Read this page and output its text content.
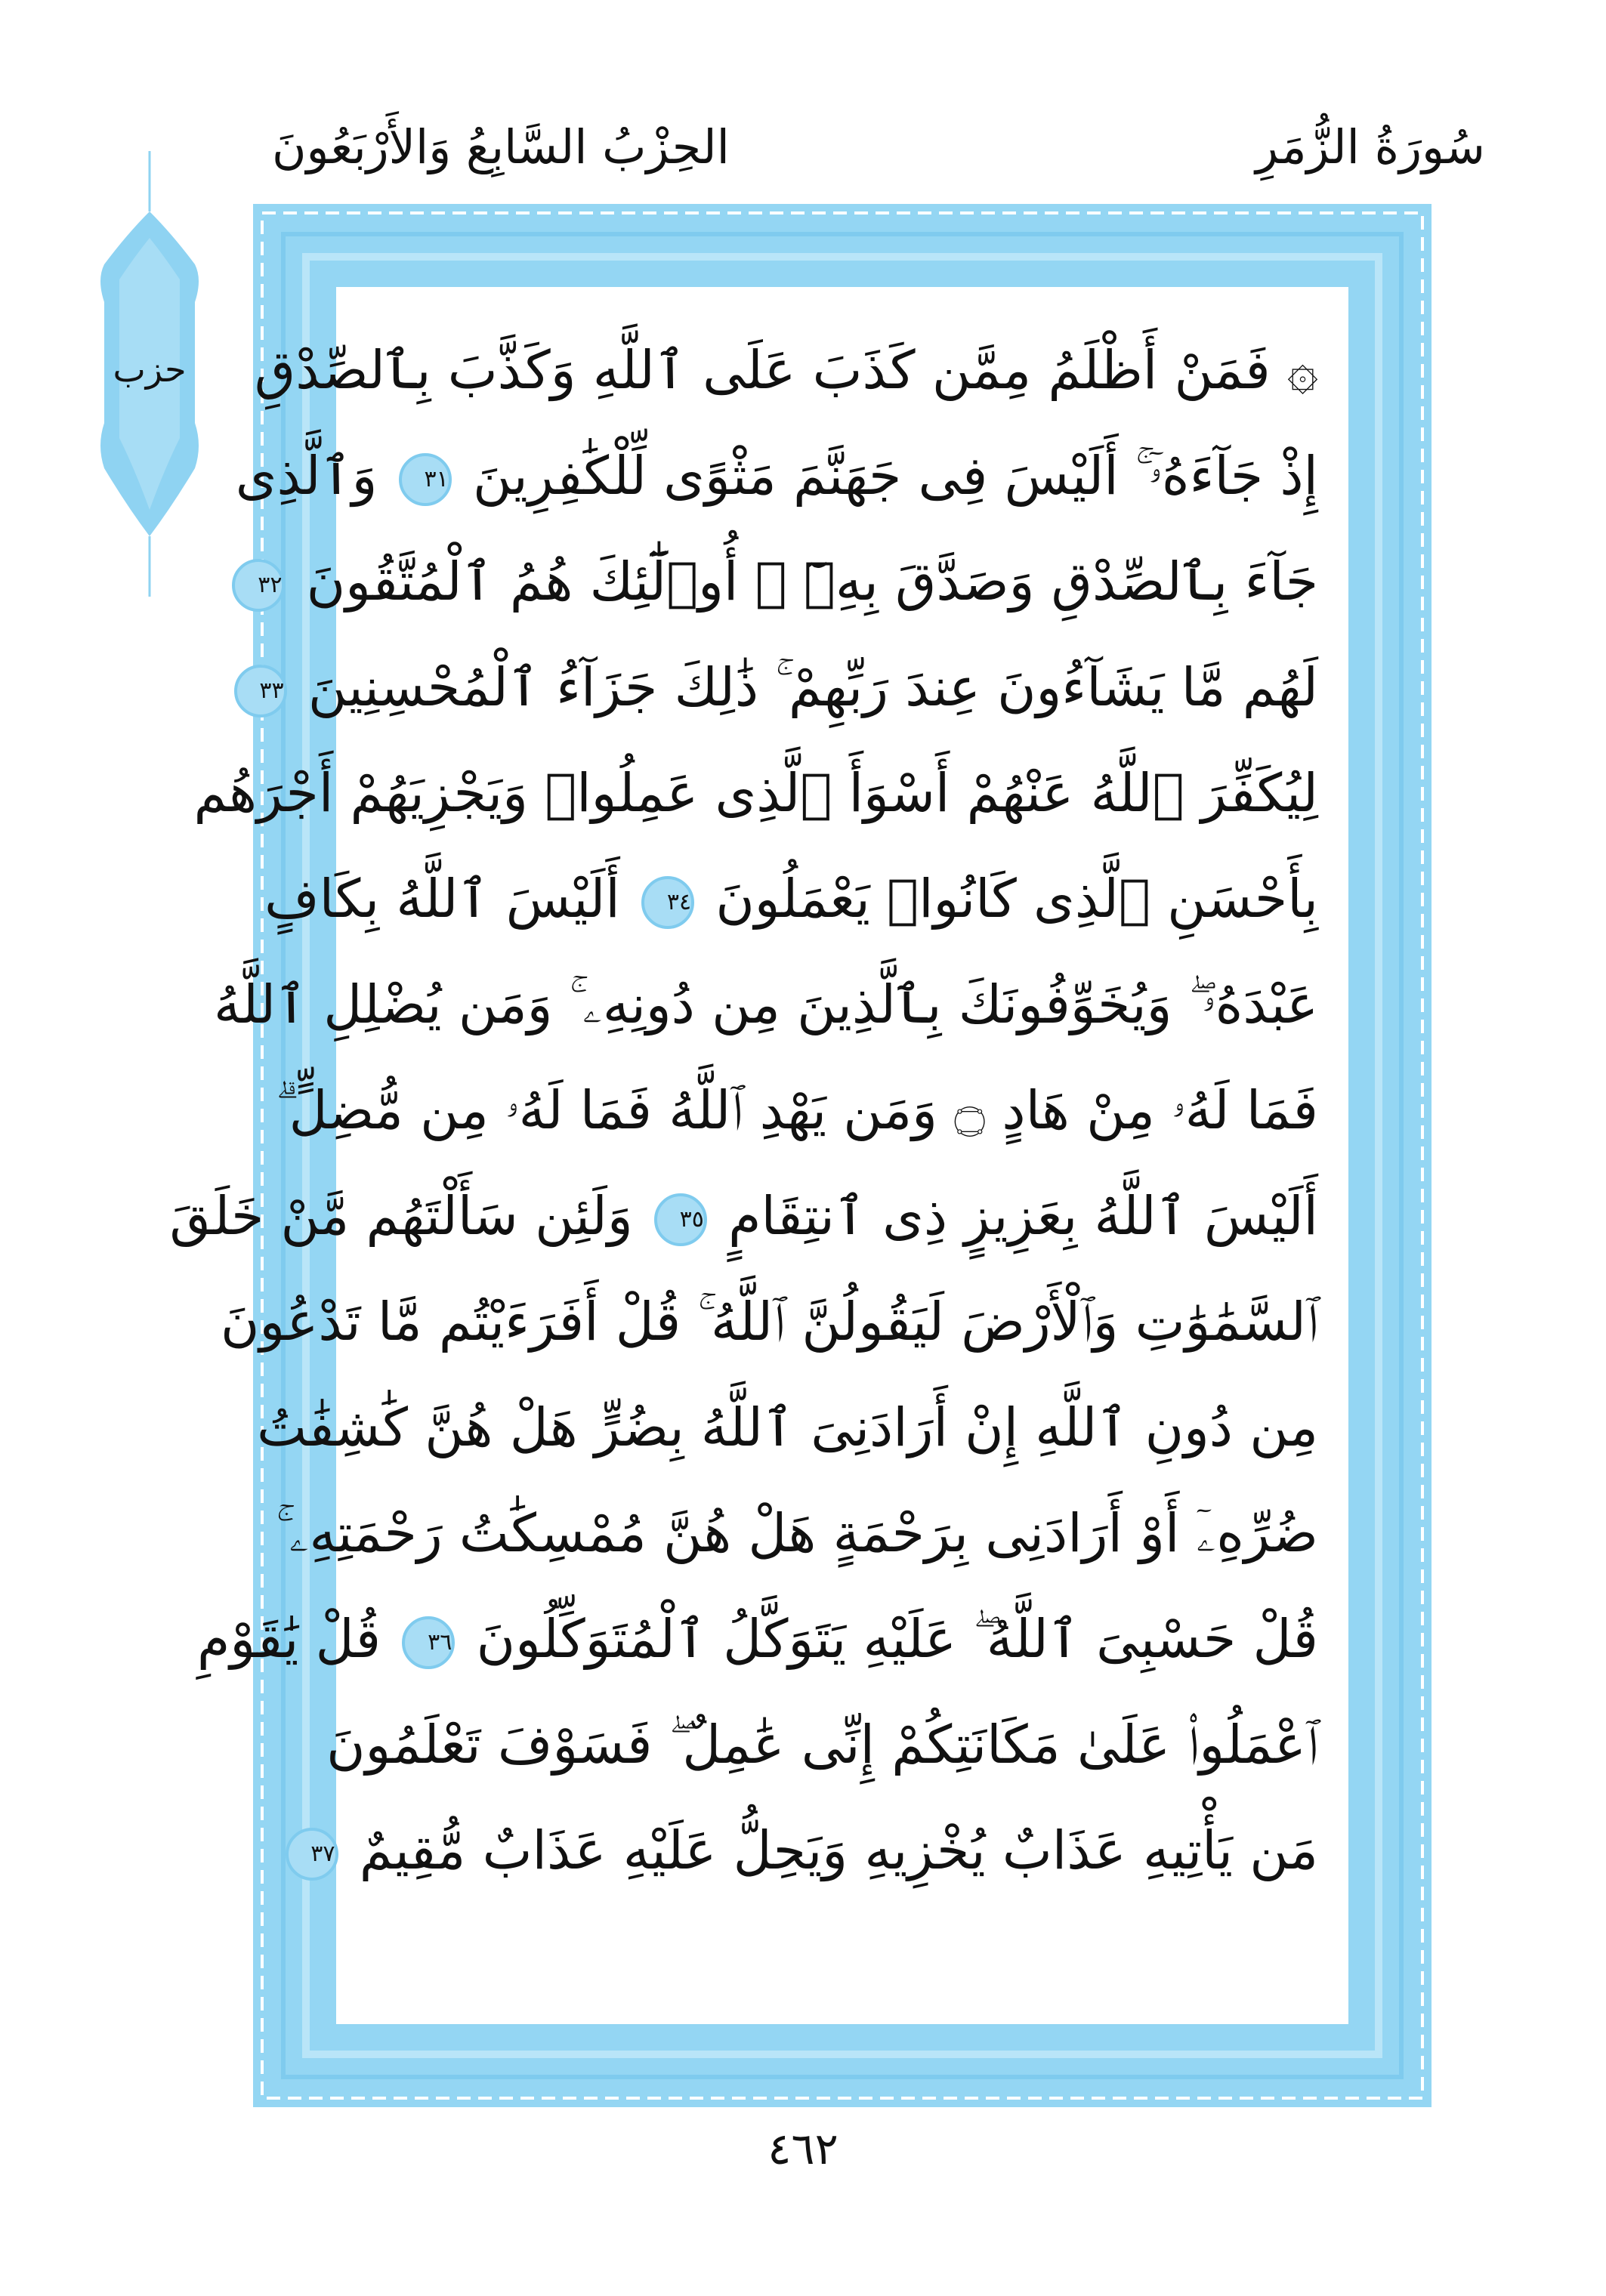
سُورَةُ الزُّمَرِ
الحِزْبُ السَّابِعُ وَالأَرْبَعُونَ
حزب	۞ فَمَنْ أَظْلَمُ مِمَّن كَذَبَ عَلَى ٱللَّهِ وَكَذَّبَ بِٱلصِّدْقِ
إِذْ جَآءَهُۥٓ ۚ أَلَيْسَ فِى جَهَنَّمَ مَثْوًى لِّلْكَٰفِرِينَ ٣١ وَٱلَّذِى
جَآءَ بِٱلصِّدْقِ وَصَدَّقَ بِهِۦٓ ۙ أُو۟لَٰٓئِكَ هُمُ ٱلْمُتَّقُونَ ٣٢
لَهُم مَّا يَشَآءُونَ عِندَ رَبِّهِمْ ۚ ذَٰلِكَ جَزَآءُ ٱلْمُحْسِنِينَ ٣٣
لِيُكَفِّرَ ٱللَّهُ عَنْهُمْ أَسْوَأَ ٱلَّذِى عَمِلُوا۟ وَيَجْزِيَهُمْ أَجْرَهُم
بِأَحْسَنِ ٱلَّذِى كَانُوا۟ يَعْمَلُونَ ٣٤ أَلَيْسَ ٱللَّهُ بِكَافٍ
عَبْدَهُۥ ۖ وَيُخَوِّفُونَكَ بِٱلَّذِينَ مِن دُونِهِۦ ۚ وَمَن يُضْلِلِ ٱللَّهُ
فَمَا لَهُۥ مِنْ هَادٍ ۝ وَمَن يَهْدِ ٱللَّهُ فَمَا لَهُۥ مِن مُّضِلٍّ ۗ
أَلَيْسَ ٱللَّهُ بِعَزِيزٍ ذِى ٱنتِقَامٍ ٣٥ وَلَئِن سَأَلْتَهُم مَّنْ خَلَقَ
ٱلسَّمَٰوَٰتِ وَٱلْأَرْضَ لَيَقُولُنَّ ٱللَّهُ ۚ قُلْ أَفَرَءَيْتُم مَّا تَدْعُونَ
مِن دُونِ ٱللَّهِ إِنْ أَرَادَنِىَ ٱللَّهُ بِضُرٍّ هَلْ هُنَّ كَٰشِفَٰتُ
ضُرِّهِۦٓ أَوْ أَرَادَنِى بِرَحْمَةٍ هَلْ هُنَّ مُمْسِكَٰتُ رَحْمَتِهِۦ ۚ
قُلْ حَسْبِىَ ٱللَّهُ ۖ عَلَيْهِ يَتَوَكَّلُ ٱلْمُتَوَكِّلُونَ ٣٦ قُلْ يَٰقَوْمِ
ٱعْمَلُوا۟ عَلَىٰ مَكَانَتِكُمْ إِنِّى عَٰمِلٌ ۖ فَسَوْفَ تَعْلَمُونَ
مَن يَأْتِيهِ عَذَابٌ يُخْزِيهِ وَيَحِلُّ عَلَيْهِ عَذَابٌ مُّقِيمٌ ٣٧
٤٦٢
